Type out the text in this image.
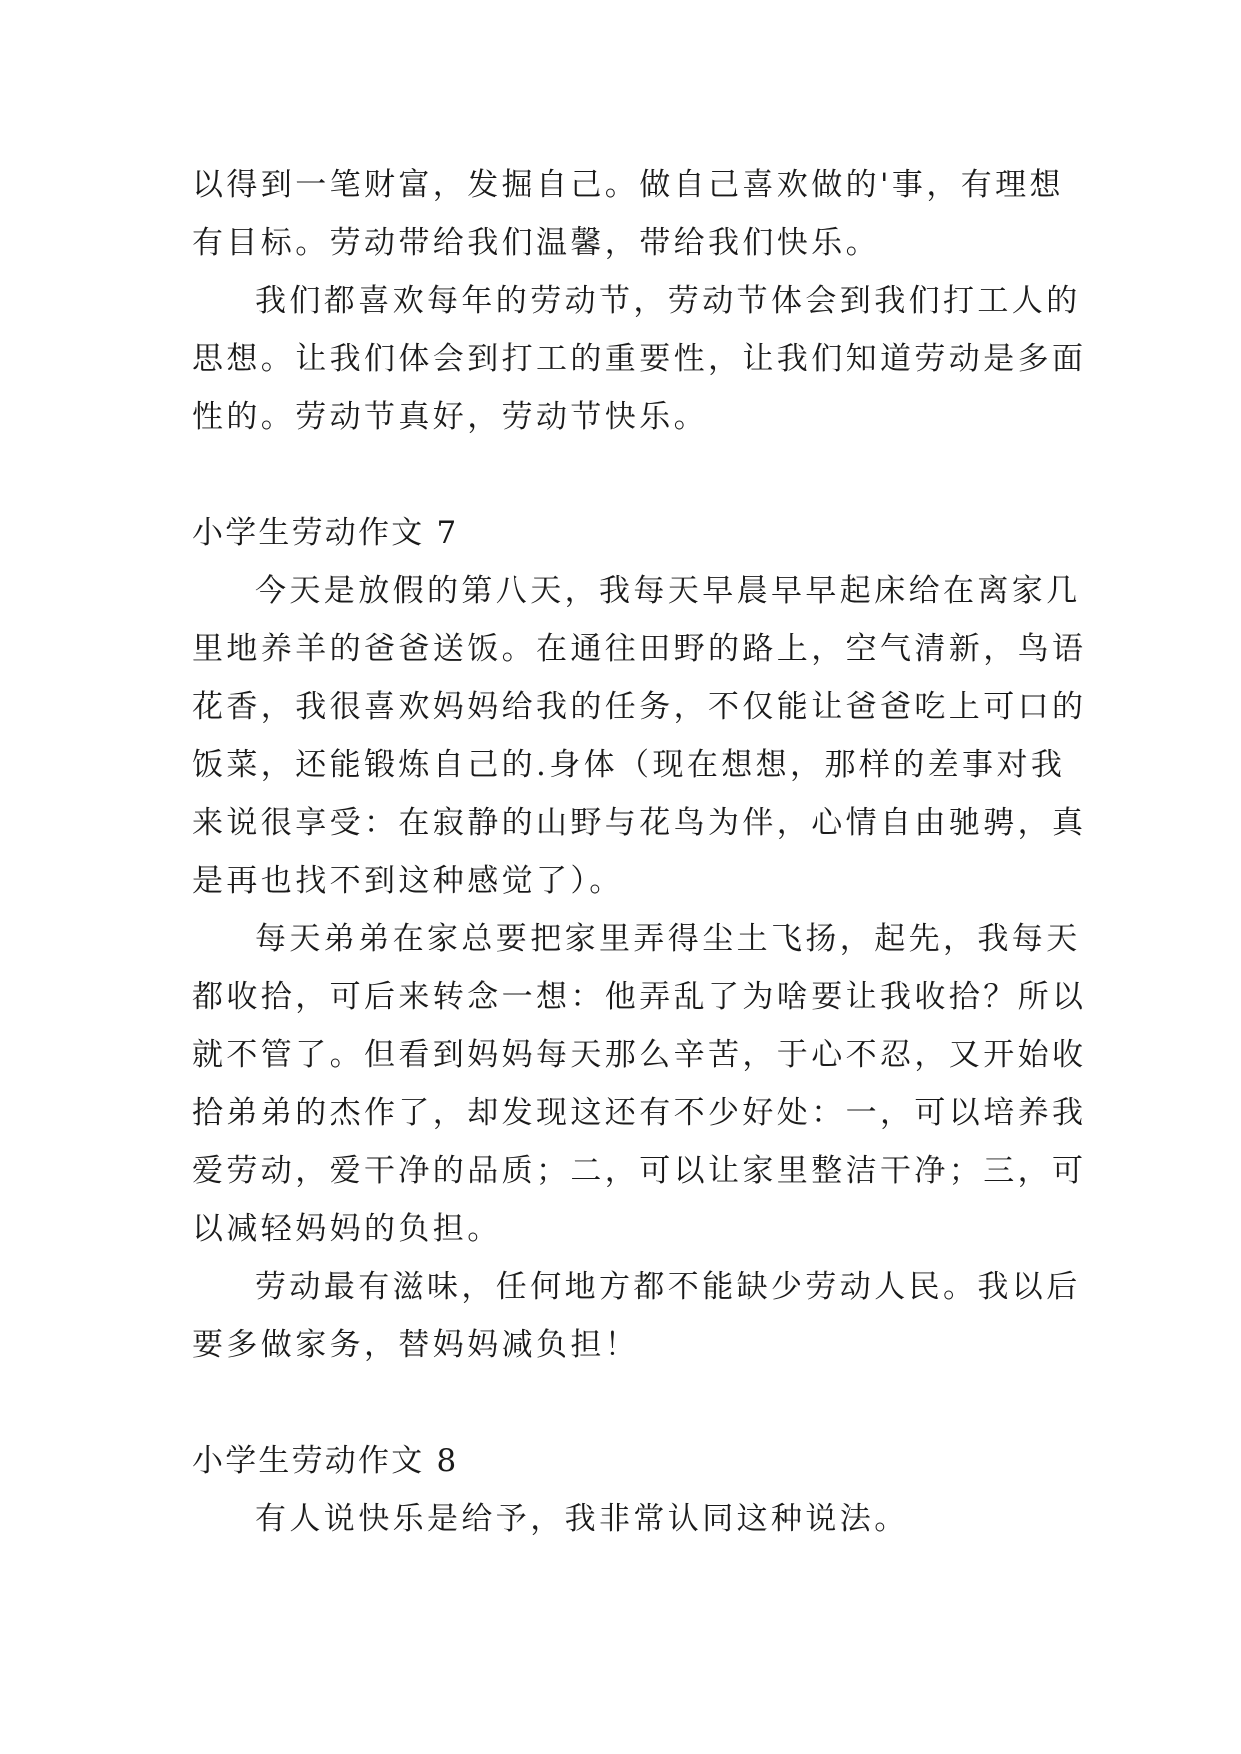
以得到一笔财富，发掘自己。做自己喜欢做的'事，有理想
有目标。劳动带给我们温馨，带给我们快乐。
我们都喜欢每年的劳动节，劳动节体会到我们打工人的
思想。让我们体会到打工的重要性，让我们知道劳动是多面
性的。劳动节真好，劳动节快乐。
小学生劳动作文 7
今天是放假的第八天，我每天早晨早早起床给在离家几
里地养羊的爸爸送饭。在通往田野的路上，空气清新，鸟语
花香，我很喜欢妈妈给我的任务，不仅能让爸爸吃上可口的
饭菜，还能锻炼自己的.身体（现在想想，那样的差事对我
来说很享受：在寂静的山野与花鸟为伴，心情自由驰骋，真
是再也找不到这种感觉了）。
每天弟弟在家总要把家里弄得尘土飞扬，起先，我每天
都收拾，可后来转念一想：他弄乱了为啥要让我收拾？所以
就不管了。但看到妈妈每天那么辛苦，于心不忍，又开始收
拾弟弟的杰作了，却发现这还有不少好处：一，可以培养我
爱劳动，爱干净的品质；二，可以让家里整洁干净；三，可
以减轻妈妈的负担。
劳动最有滋味，任何地方都不能缺少劳动人民。我以后
要多做家务，替妈妈减负担！
小学生劳动作文 8
有人说快乐是给予，我非常认同这种说法。
